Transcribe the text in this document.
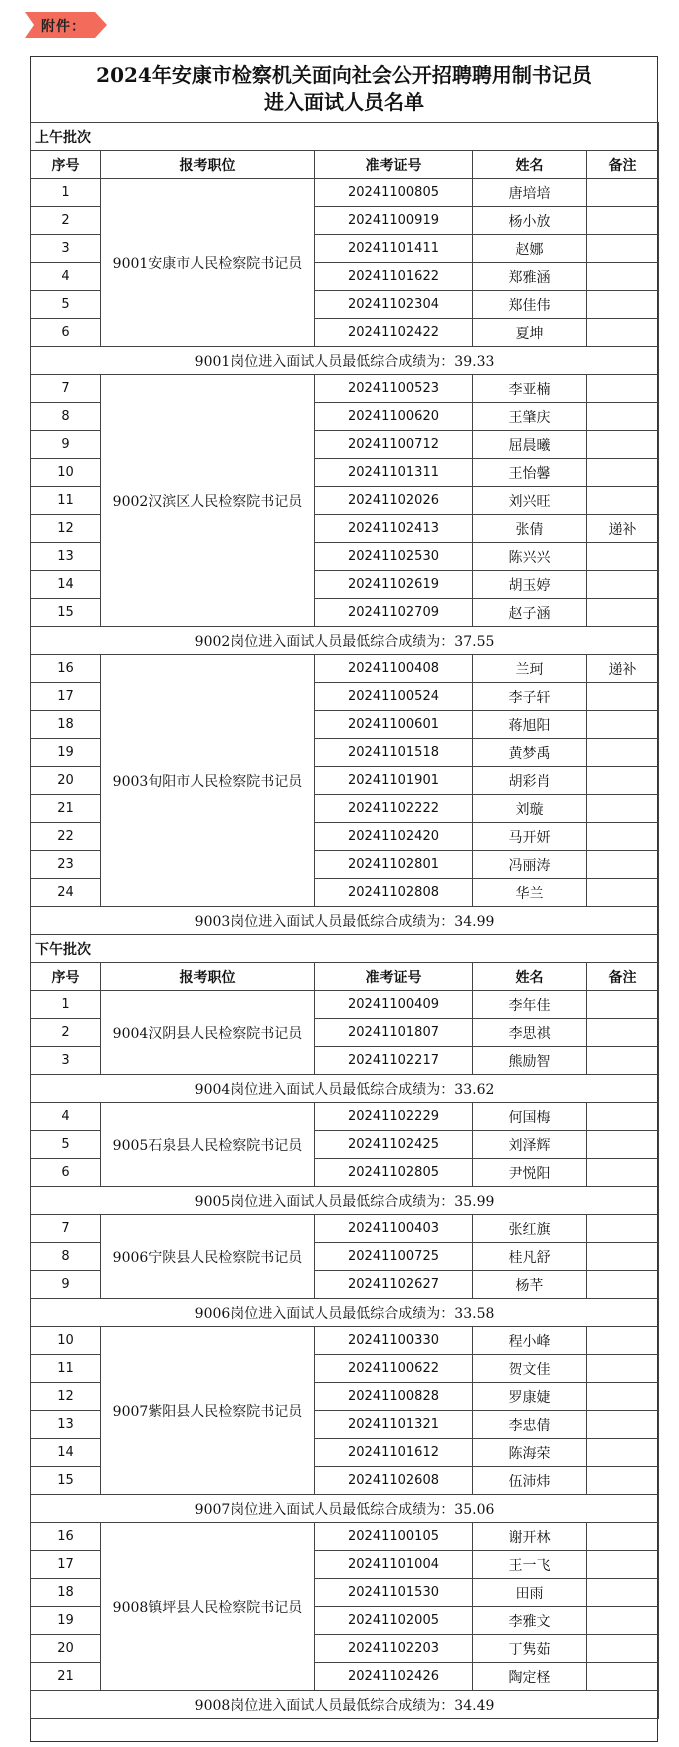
附件：
2024年安康市检察机关面向社会公开招聘聘用制书记员
进入面试人员名单
上午批次				
序号	报考职位	准考证号	姓名	备注
1	9001安康市人民检察院书记员	20241100805	唐培培	
2		20241100919	杨小放	
3		20241101411	赵娜	
4		20241101622	郑雅涵	
5		20241102304	郑佳伟	
6		20241102422	夏坤	
9001岗位进入面试人员最低综合成绩为：39.33				
7	9002汉滨区人民检察院书记员	20241100523	李亚楠	
8		20241100620	王肇庆	
9		20241100712	屈晨曦	
10		20241101311	王怡馨	
11		20241102026	刘兴旺	
12		20241102413	张倩	递补
13		20241102530	陈兴兴	
14		20241102619	胡玉婷	
15		20241102709	赵子涵	
9002岗位进入面试人员最低综合成绩为：37.55				
16	9003旬阳市人民检察院书记员	20241100408	兰珂	递补
17		20241100524	李子轩	
18		20241100601	蒋旭阳	
19		20241101518	黄梦禹	
20		20241101901	胡彩肖	
21		20241102222	刘璇	
22		20241102420	马开妍	
23		20241102801	冯丽涛	
24		20241102808	华兰	
9003岗位进入面试人员最低综合成绩为：34.99				
下午批次				
序号	报考职位	准考证号	姓名	备注
1	9004汉阴县人民检察院书记员	20241100409	李年佳	
2		20241101807	李思祺	
3		20241102217	熊励智	
9004岗位进入面试人员最低综合成绩为：33.62				
4	9005石泉县人民检察院书记员	20241102229	何国梅	
5		20241102425	刘泽辉	
6		20241102805	尹悦阳	
9005岗位进入面试人员最低综合成绩为：35.99				
7	9006宁陕县人民检察院书记员	20241100403	张红旗	
8		20241100725	桂凡舒	
9		20241102627	杨芊	
9006岗位进入面试人员最低综合成绩为：33.58				
10	9007紫阳县人民检察院书记员	20241100330	程小峰	
11		20241100622	贺文佳	
12		20241100828	罗康婕	
13		20241101321	李忠倩	
14		20241101612	陈海荣	
15		20241102608	伍沛炜	
9007岗位进入面试人员最低综合成绩为：35.06				
16	9008镇坪县人民检察院书记员	20241100105	谢开林	
17		20241101004	王一飞	
18		20241101530	田雨	
19		20241102005	李雅文	
20		20241102203	丁隽茹	
21		20241102426	陶定柽	
9008岗位进入面试人员最低综合成绩为：34.49				
